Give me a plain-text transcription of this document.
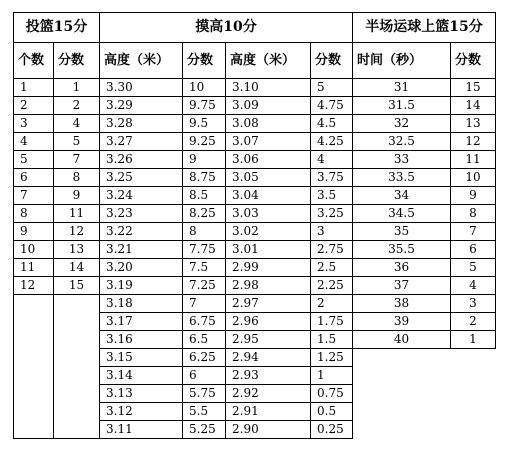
投篮15分		摸高10分				半场运球上篮15分	
个数	分数	高度（米）	分数	高度（米）	分数	时间（秒）	分数
1	1	3.30	10	3.10	5	31	15
2	2	3.29	9.75	3.09	4.75	31.5	14
3	4	3.28	9.5	3.08	4.5	32	13
4	5	3.27	9.25	3.07	4.25	32.5	12
5	7	3.26	9	3.06	4	33	11
6	8	3.25	8.75	3.05	3.75	33.5	10
7	9	3.24	8.5	3.04	3.5	34	9
8	11	3.23	8.25	3.03	3.25	34.5	8
9	12	3.22	8	3.02	3	35	7
10	13	3.21	7.75	3.01	2.75	35.5	6
11	14	3.20	7.5	2.99	2.5	36	5
12	15	3.19	7.25	2.98	2.25	37	4
		3.18	7	2.97	2	38	3
		3.17	6.75	2.96	1.75	39	2
		3.16	6.5	2.95	1.5	40	1
		3.15	6.25	2.94	1.25		
		3.14	6	2.93	1		
		3.13	5.75	2.92	0.75		
		3.12	5.5	2.91	0.5		
		3.11	5.25	2.90	0.25		
